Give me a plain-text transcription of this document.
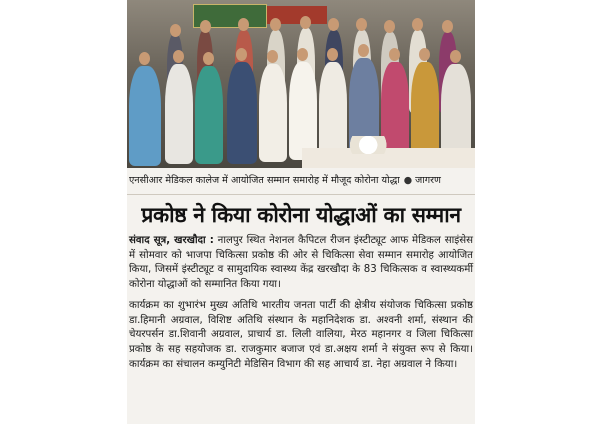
एनसीआर मेडिकल कालेज में आयोजित सम्मान समारोह में मौजूद कोरोना योद्धा ● जागरण
प्रकोष्ठ ने किया कोरोना योद्धाओं का सम्मान

संवाद सूत्र, खरखौदा : नालपुर स्थित नेशनल कैपिटल रीजन इंस्टीट्यूट आफ मेडिकल साइंसेस में सोमवार को भाजपा चिकित्सा प्रकोष्ठ की ओर से चिकित्सा सेवा सम्मान समारोह आयोजित किया, जिसमें इंस्टीट्यूट व सामुदायिक स्वास्थ्य केंद्र खरखौदा के 83 चिकित्सक व स्वास्थ्यकर्मी कोरोना योद्धाओं को सम्मानित किया गया।

कार्यक्रम का शुभारंभ मुख्य अतिथि भारतीय जनता पार्टी की क्षेत्रीय संयोजक चिकित्सा प्रकोष्ठ डा.हिमानी अग्रवाल, विशिष्ट अतिथि संस्थान के महानिदेशक डा. अश्वनी शर्मा, संस्थान की चेयरपर्सन डा.शिवानी अग्रवाल, प्राचार्य डा. लिली वालिया, मेरठ महानगर व जिला चिकित्सा प्रकोष्ठ के सह सहयोजक डा. राजकुमार बजाज एवं डा.अक्षय शर्मा ने संयुक्त रूप से किया। कार्यक्रम का संचालन कम्युनिटी मेडिसिन विभाग की सह आचार्य डा. नेहा अग्रवाल ने किया।
